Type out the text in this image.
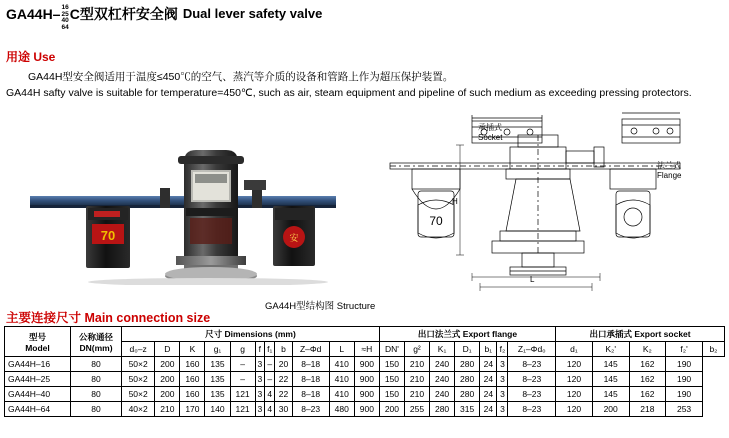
GA44H– 16
25
40
64
C型双杠杆安全阀 Dual lever safety valve
用途 Use
GA44H型安全阀适用于温度≤450℃的空气、蒸汽等介质的设备和管路上作为超压保护装置。
GA44H safty valve is suitable for temperature=450℃, such as air, steam equipment and pipeline of such medium as exceeding pressing protectors.
70	安
GA44H型结构图 Structure
70
承插式
Socket
法兰式
Flange
L
H
主要连接尺寸 Main connection size
型号
Model

公称通径
DN(mm)
	尺寸 Dimensions (mm)	出口法兰式 Export flange	出口承插式 Export socket
		d₀–z	D	K	g₁	g	f	f₁	b	Z–Φd	L	≈H	DN'	g²	K₁	D₁	b₁	f₂	Z₁–Φd₀	d₁	K₂'	K₂	f₂'	b₂
GA44H–16	80	50×2	200	160	135	–	3	–	20	8–18	410	900	150	210	240	280	24	3	8–23	120	145	162	190	
GA44H–25	80	50×2	200	160	135	–	3	–	22	8–18	410	900	150	210	240	280	24	3	8–23	120	145	162	190	
GA44H–40	80	50×2	200	160	135	121	3	4	22	8–18	410	900	150	210	240	280	24	3	8–23	120	145	162	190	
GA44H–64	80	40×2	210	170	140	121	3	4	30	8–23	480	900	200	255	280	315	24	3	8–23	120	200	218	253	
